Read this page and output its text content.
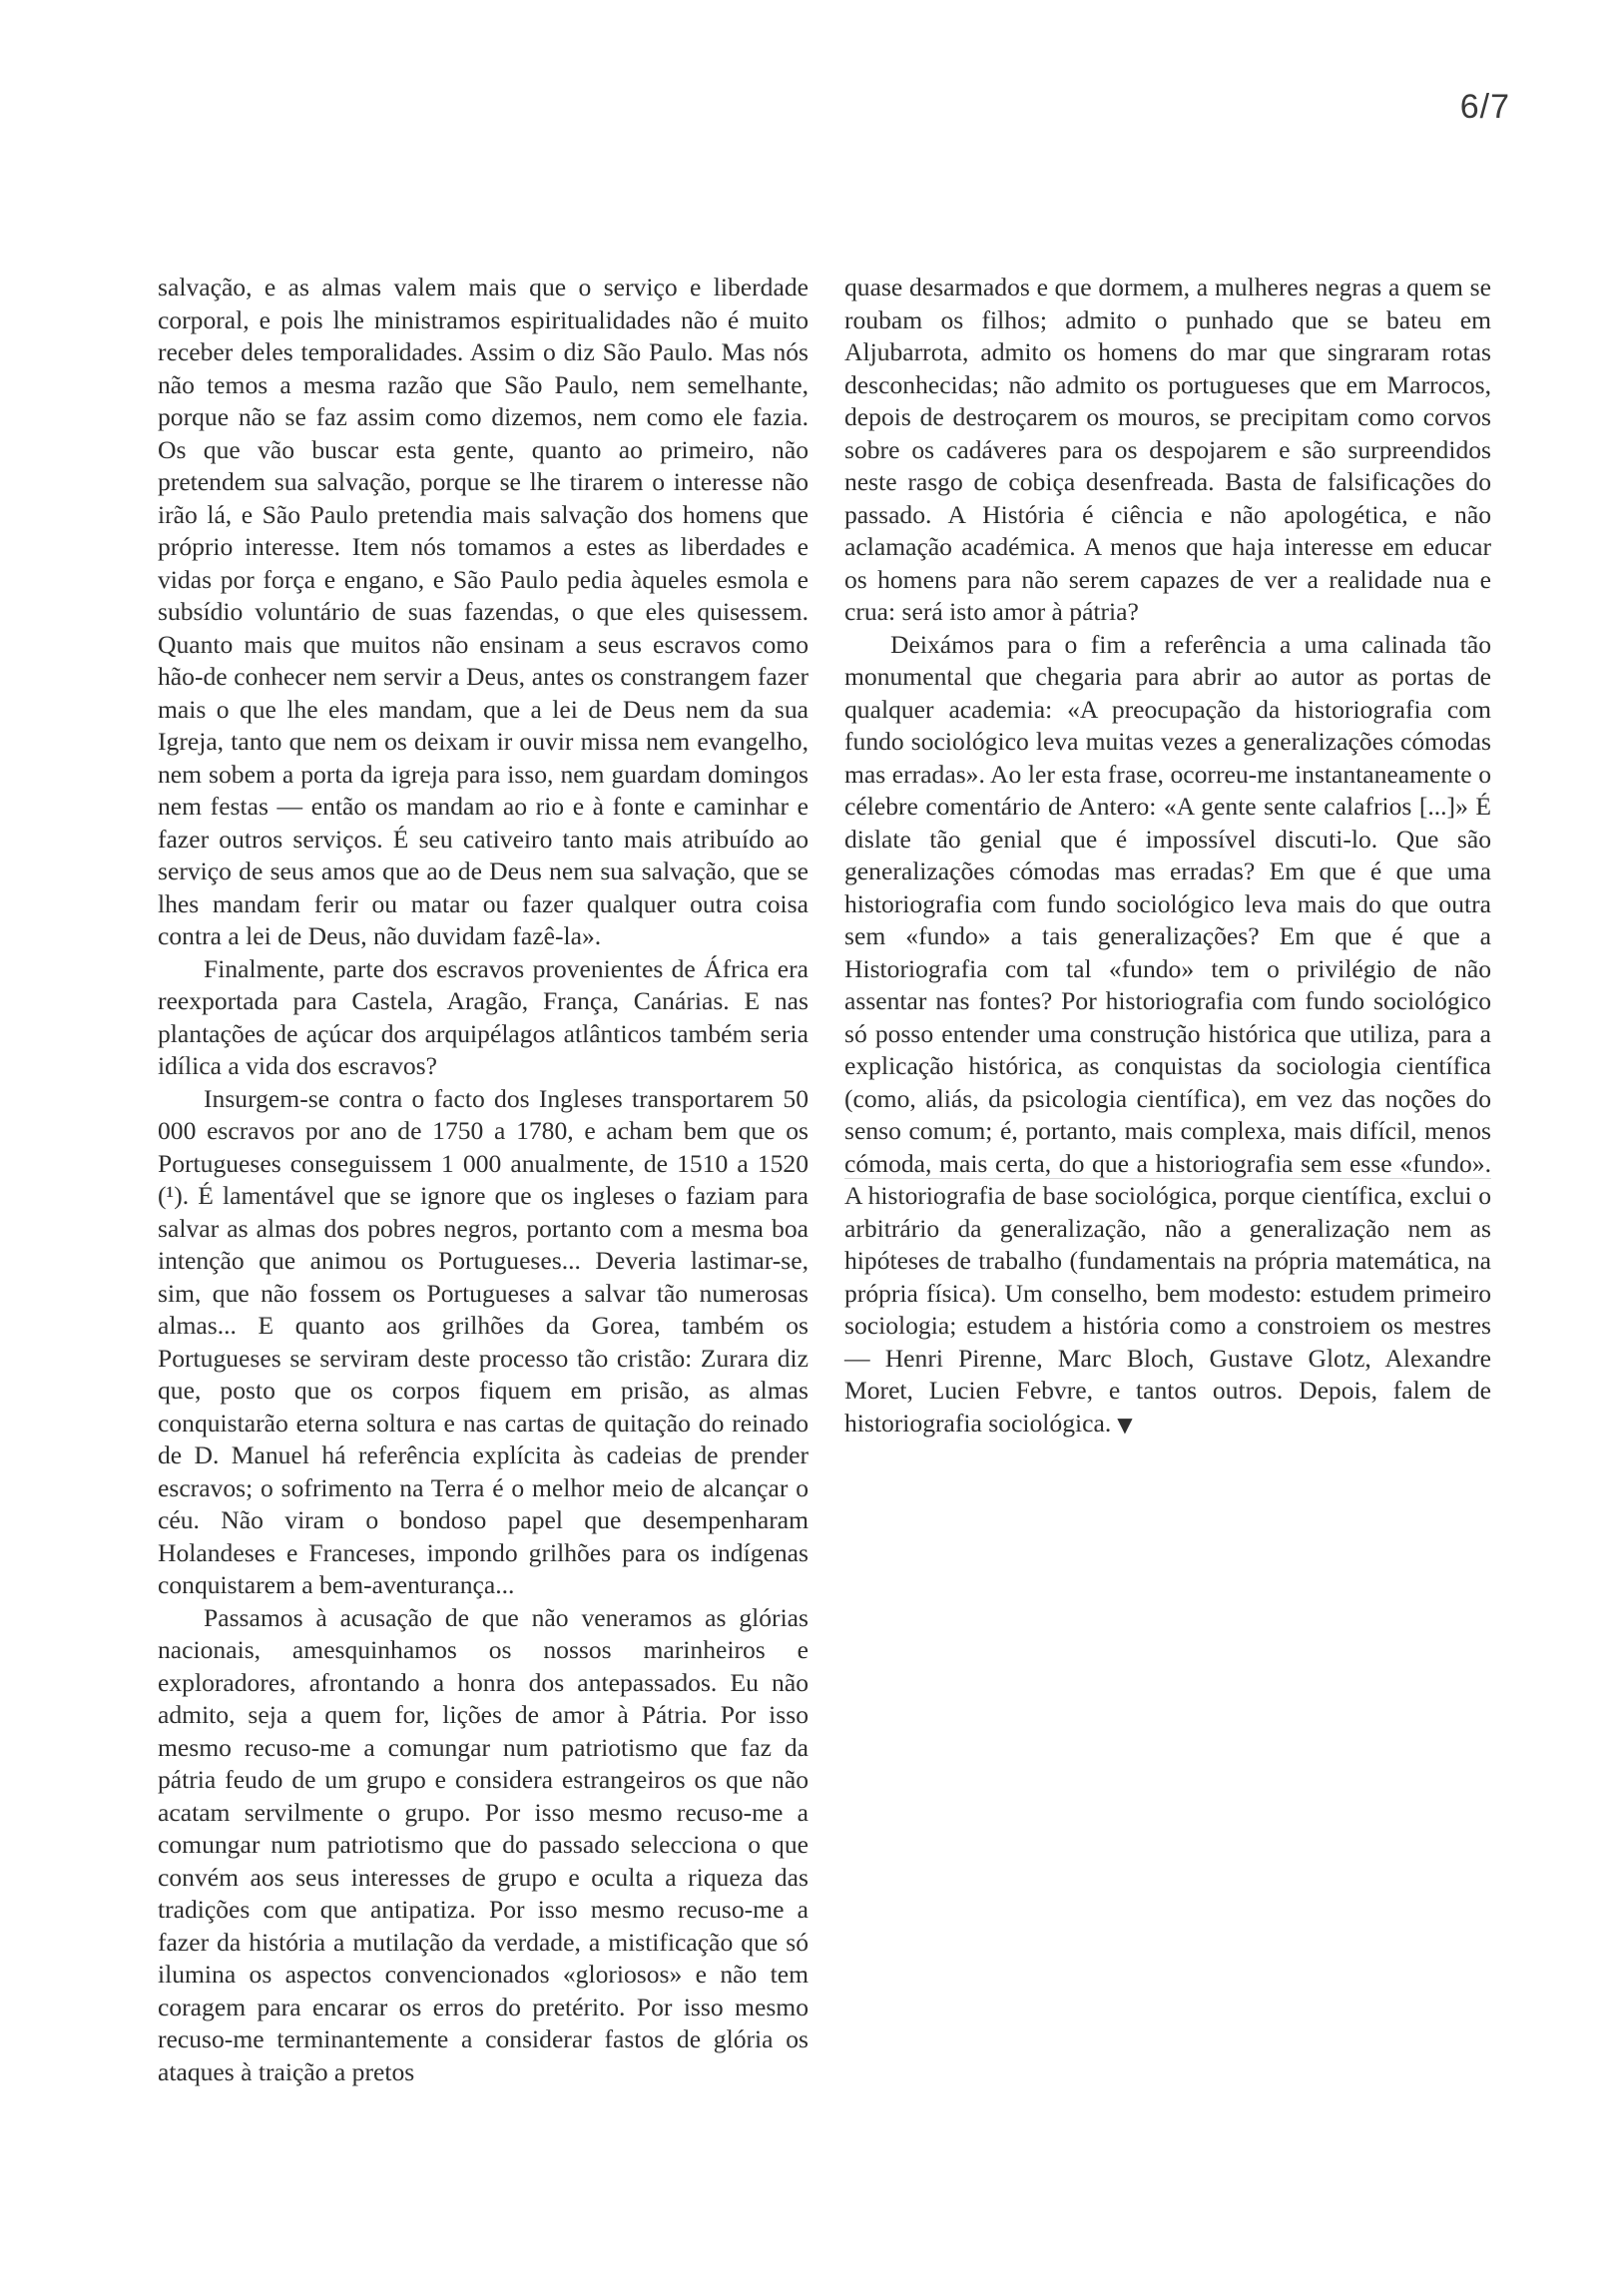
6/7

salvação, e as almas valem mais que o serviço e liberdade corporal, e pois lhe ministramos espiritualidades não é muito receber deles temporalidades. Assim o diz São Paulo. Mas nós não temos a mesma razão que São Paulo, nem semelhante, porque não se faz assim como dizemos, nem como ele fazia. Os que vão buscar esta gente, quanto ao primeiro, não pretendem sua salvação, porque se lhe tirarem o interesse não irão lá, e São Paulo pretendia mais salvação dos homens que próprio interesse. Item nós tomamos a estes as liberdades e vidas por força e engano, e São Paulo pedia àqueles esmola e subsídio voluntário de suas fazendas, o que eles quisessem. Quanto mais que muitos não ensinam a seus escravos como hão-de conhecer nem servir a Deus, antes os constrangem fazer mais o que lhe eles mandam, que a lei de Deus nem da sua Igreja, tanto que nem os deixam ir ouvir missa nem evangelho, nem sobem a porta da igreja para isso, nem guardam domingos nem festas — então os mandam ao rio e à fonte e caminhar e fazer outros serviços. É seu cativeiro tanto mais atribuído ao serviço de seus amos que ao de Deus nem sua salvação, que se lhes mandam ferir ou matar ou fazer qualquer outra coisa contra a lei de Deus, não duvidam fazê-la».

Finalmente, parte dos escravos provenientes de África era reexportada para Castela, Aragão, França, Canárias. E nas plantações de açúcar dos arquipélagos atlânticos também seria idílica a vida dos escravos?

Insurgem-se contra o facto dos Ingleses transportarem 50 000 escravos por ano de 1750 a 1780, e acham bem que os Portugueses conseguissem 1 000 anualmente, de 1510 a 1520 (¹). É lamentável que se ignore que os ingleses o faziam para salvar as almas dos pobres negros, portanto com a mesma boa intenção que animou os Portugueses... Deveria lastimar-se, sim, que não fossem os Portugueses a salvar tão numerosas almas... E quanto aos grilhões da Gorea, também os Portugueses se serviram deste processo tão cristão: Zurara diz que, posto que os corpos fiquem em prisão, as almas conquistarão eterna soltura e nas cartas de quitação do reinado de D. Manuel há referência explícita às cadeias de prender escravos; o sofrimento na Terra é o melhor meio de alcançar o céu. Não viram o bondoso papel que desempenharam Holandeses e Franceses, impondo grilhões para os indígenas conquistarem a bem-aventurança...

Passamos à acusação de que não veneramos as glórias nacionais, amesquinhamos os nossos marinheiros e exploradores, afrontando a honra dos antepassados. Eu não admito, seja a quem for, lições de amor à Pátria. Por isso mesmo recuso-me a comungar num patriotismo que faz da pátria feudo de um grupo e considera estrangeiros os que não acatam servilmente o grupo. Por isso mesmo recuso-me a comungar num patriotismo que do passado selecciona o que convém aos seus interesses de grupo e oculta a riqueza das tradições com que antipatiza. Por isso mesmo recuso-me a fazer da história a mutilação da verdade, a mistificação que só ilumina os aspectos convencionados «gloriosos» e não tem coragem para encarar os erros do pretérito. Por isso mesmo recuso-me terminantemente a considerar fastos de glória os ataques à traição a pretos

quase desarmados e que dormem, a mulheres negras a quem se roubam os filhos; admito o punhado que se bateu em Aljubarrota, admito os homens do mar que singraram rotas desconhecidas; não admito os portugueses que em Marrocos, depois de destroçarem os mouros, se precipitam como corvos sobre os cadáveres para os despojarem e são surpreendidos neste rasgo de cobiça desenfreada. Basta de falsificações do passado. A História é ciência e não apologética, e não aclamação académica. A menos que haja interesse em educar os homens para não serem capazes de ver a realidade nua e crua: será isto amor à pátria?

Deixámos para o fim a referência a uma calinada tão monumental que chegaria para abrir ao autor as portas de qualquer academia: «A preocupação da historiografia com fundo sociológico leva muitas vezes a generalizações cómodas mas erradas». Ao ler esta frase, ocorreu-me instantaneamente o célebre comentário de Antero: «A gente sente calafrios [...]» É dislate tão genial que é impossível discuti-lo. Que são generalizações cómodas mas erradas? Em que é que uma historiografia com fundo sociológico leva mais do que outra sem «fundo» a tais generalizações? Em que é que a Historiografia com tal «fundo» tem o privilégio de não assentar nas fontes? Por historiografia com fundo sociológico só posso entender uma construção histórica que utiliza, para a explicação histórica, as conquistas da sociologia científica (como, aliás, da psicologia científica), em vez das noções do senso comum; é, portanto, mais complexa, mais difícil, menos cómoda, mais certa, do que a historiografia sem esse «fundo». A historiografia de base sociológica, porque científica, exclui o arbitrário da generalização, não a generalização nem as hipóteses de trabalho (fundamentais na própria matemática, na própria física). Um conselho, bem modesto: estudem primeiro sociologia; estudem a história como a constroiem os mestres — Henri Pirenne, Marc Bloch, Gustave Glotz, Alexandre Moret, Lucien Febvre, e tantos outros. Depois, falem de historiografia sociológica. ▼
